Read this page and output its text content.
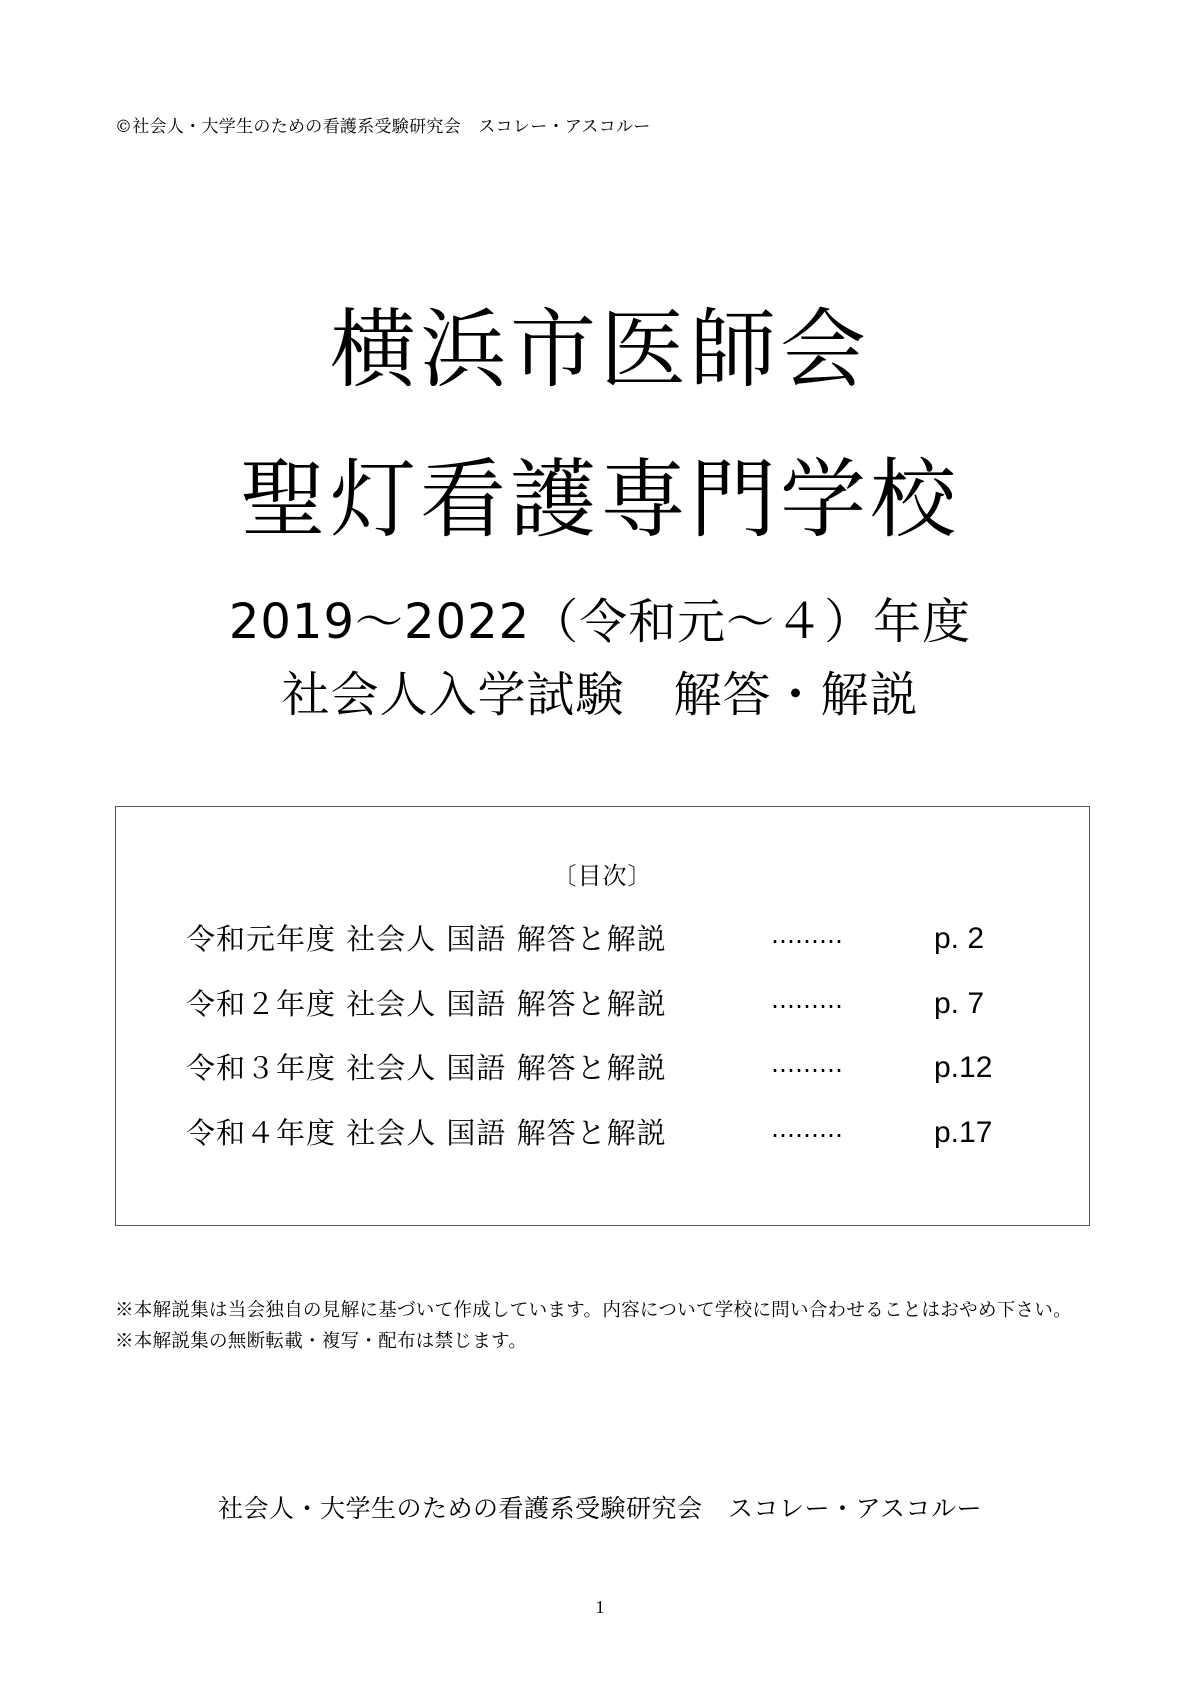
©社会人・大学生のための看護系受験研究会　スコレー・アスコルー
横浜市医師会
聖灯看護専門学校
2019～2022（令和元～４）年度
社会人入学試験　解答・解説
〔目次〕
令和元年度 社会人 国語 解答と解説	………	p. 2
令和２年度 社会人 国語 解答と解説	………	p. 7
令和３年度 社会人 国語 解答と解説	………	p.12
令和４年度 社会人 国語 解答と解説	………	p.17

※本解説集は当会独自の見解に基づいて作成しています。内容について学校に問い合わせることはおやめ下さい。

※本解説集の無断転載・複写・配布は禁じます。

社会人・大学生のための看護系受験研究会　スコレー・アスコルー
1
